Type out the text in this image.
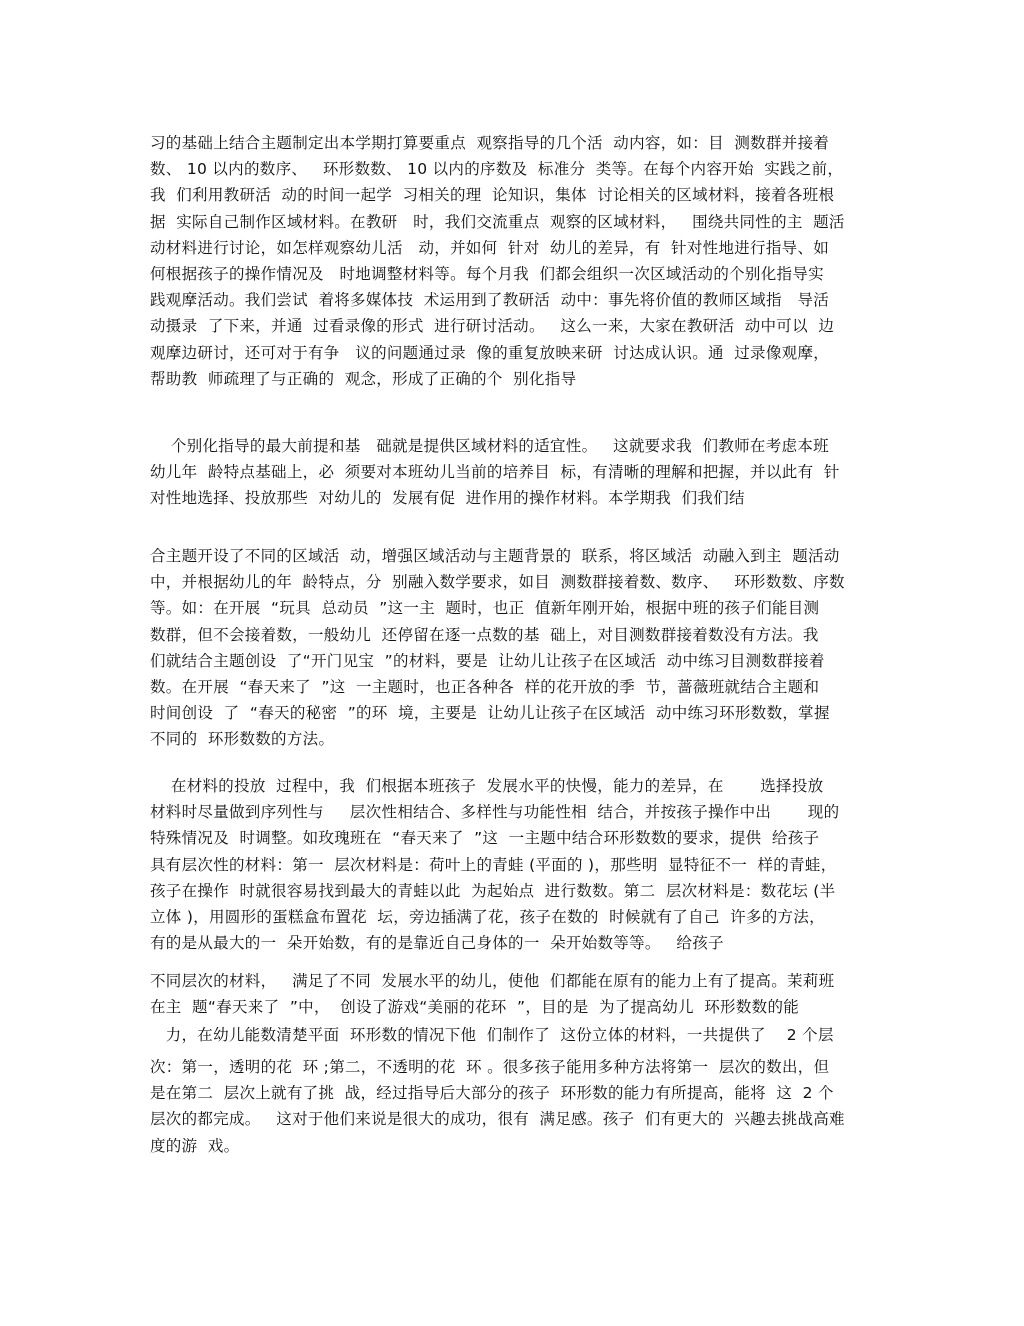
习的基础上结合主题制定出本学期打算要重点  观察指导的几个活  动内容，如：目  测数群并接着
数、 10 以内的数序、   环形数数、 10 以内的序数及  标准分  类等。在每个内容开始  实践之前，
我  们利用教研活  动的时间一起学  习相关的理  论知识，集体  讨论相关的区域材料，接着各班根
据  实际自己制作区域材料。在教研   时，我们交流重点  观察的区域材料，   围绕共同性的主  题活
动材料进行讨论，如怎样观察幼儿活   动，并如何  针对  幼儿的差异，有  针对性地进行指导、如
何根据孩子的操作情况及   时地调整材料等。每个月我  们都会组织一次区域活动的个别化指导实
践观摩活动。我们尝试  着将多媒体技  术运用到了教研活  动中：事先将价值的教师区域指   导活
动摄录  了下来，并通  过看录像的形式  进行研讨活动。   这么一来，大家在教研活  动中可以  边
观摩边研讨，还可对于有争   议的问题通过录  像的重复放映来研  讨达成认识。通  过录像观摩，
帮助教  师疏理了与正确的  观念，形成了正确的个  别化指导
个别化指导的最大前提和基   础就是提供区域材料的适宜性。   这就要求我  们教师在考虑本班
幼儿年  龄特点基础上，必  须要对本班幼儿当前的培养目  标，有清晰的理解和把握，并以此有  针
对性地选择、投放那些  对幼儿的  发展有促  进作用的操作材料。本学期我  们我们结
合主题开设了不同的区域活  动，增强区域活动与主题背景的  联系，将区域活  动融入到主  题活动
中，并根据幼儿的年  龄特点，分  别融入数学要求，如目  测数群接着数、数序、   环形数数、序数
等。如：在开展  “玩具  总动员  ”这一主  题时，也正  值新年刚开始，根据中班的孩子们能目测
数群，但不会接着数，一般幼儿  还停留在逐一点数的基  础上，对目测数群接着数没有方法。我
们就结合主题创设  了“开门见宝  ”的材料，要是  让幼儿让孩子在区域活  动中练习目测数群接着
数。在开展  “春天来了  ”这  一主题时，也正各种各  样的花开放的季  节，蔷薇班就结合主题和
时间创设  了  “春天的秘密  ”的环  境，主要是  让幼儿让孩子在区域活  动中练习环形数数，掌握
不同的  环形数数的方法。
在材料的投放  过程中，我  们根据本班孩子  发展水平的快慢，能力的差异，在       选择投放
材料时尽量做到序列性与     层次性相结合、多样性与功能性相  结合，并按孩子操作中出       现的
特殊情况及  时调整。如玫瑰班在  “春天来了  ”这  一主题中结合环形数数的要求，提供  给孩子
具有层次性的材料：第一  层次材料是：荷叶上的青蛙 (平面的 )，那些明  显特征不一  样的青蛙，
孩子在操作  时就很容易找到最大的青蛙以此  为起始点  进行数数。第二  层次材料是：数花坛 (半
立体 )，用圆形的蛋糕盒布置花  坛，旁边插满了花，孩子在数的  时候就有了自己  许多的方法，
有的是从最大的一  朵开始数，有的是靠近自己身体的一  朵开始数等等。   给孩子
不同层次的材料，   满足了不同  发展水平的幼儿，使他  们都能在原有的能力上有了提高。茉莉班
在主  题“春天来了  ”中，  创设了游戏“美丽的花环  ”，目的是  为了提高幼儿  环形数数的能
力，在幼儿能数清楚平面  环形数的情况下他  们制作了  这份立体的材料，一共提供了    2 个层
次：第一，透明的花  环 ;第二，不透明的花  环 。很多孩子能用多种方法将第一  层次的数出，但
是在第二  层次上就有了挑  战，经过指导后大部分的孩子  环形数的能力有所提高，能将  这  2 个
层次的都完成。   这对于他们来说是很大的成功，很有  满足感。孩子  们有更大的  兴趣去挑战高难
度的游  戏。
